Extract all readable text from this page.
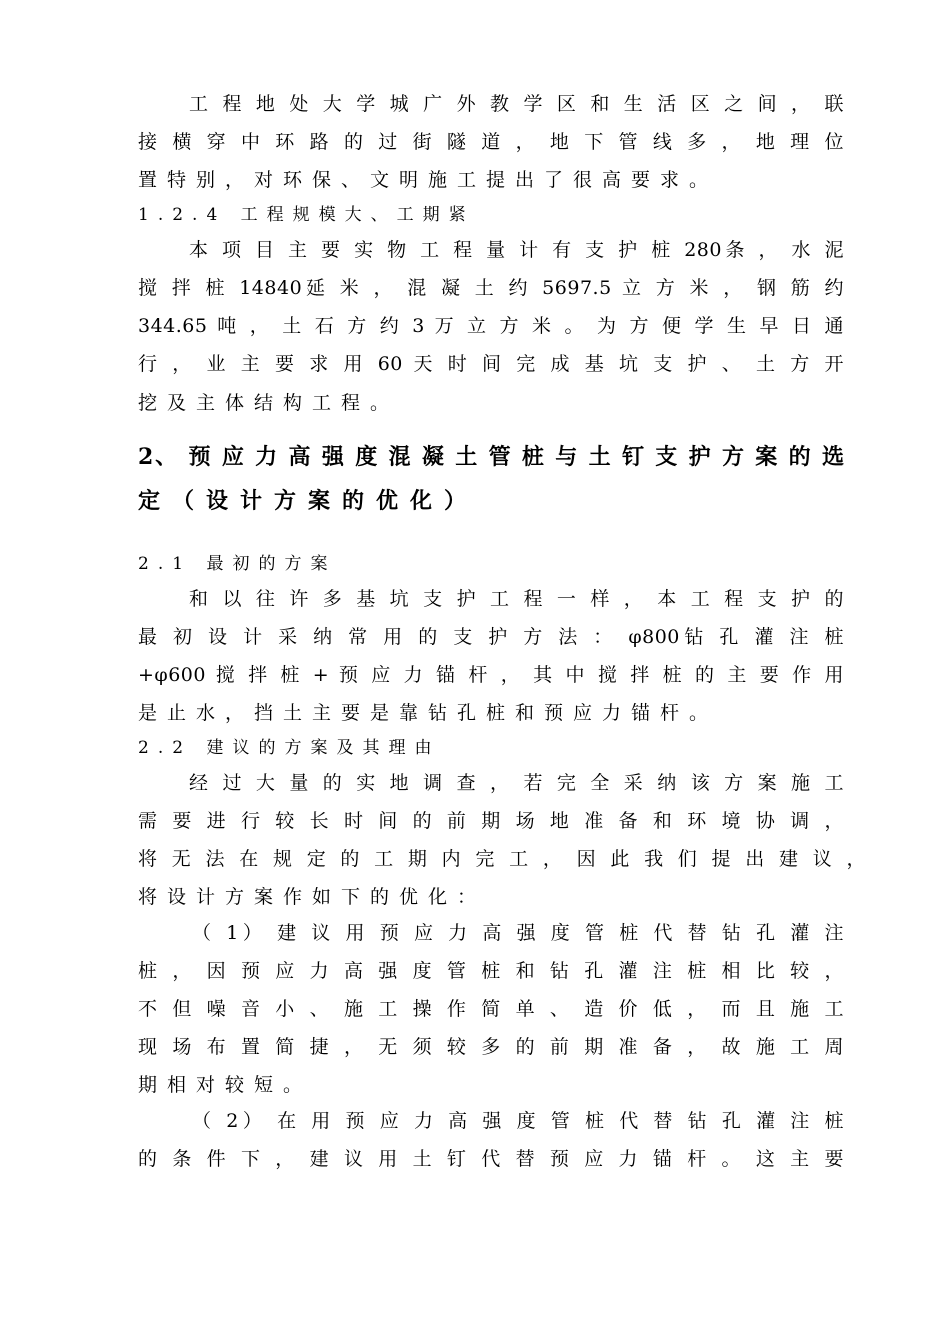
工 程 地 处 大 学 城 广 外 教 学 区 和 生 活 区 之 间 ， 联
接 横 穿 中 环 路 的 过 街 隧 道 ， 地 下 管 线 多 ， 地 理 位
置特别，对环保、文明施工提出了很高要求。
1.2.4 工程规模大、工期紧
本 项 目 主 要 实 物 工 程 量 计 有 支 护 桩 280条 ， 水 泥
搅 拌 桩 14840延 米 ， 混 凝 土 约 5697.5 立 方 米 ， 钢 筋 约
344.65 吨 ， 土 石 方 约 3 万 立 方 米 。 为 方 便 学 生 早 日 通
行 ， 业 主 要 求 用 60 天 时 间 完 成 基 坑 支 护 、 土 方 开
挖及主体结构工程。
2、 预 应 力 高 强 度 混 凝 土 管 桩 与 土 钉 支 护 方 案 的 选
定（设计方案的优化）
2.1 最初的方案
和 以 往 许 多 基 坑 支 护 工 程 一 样 ， 本 工 程 支 护 的
最 初 设 计 采 纳 常 用 的 支 护 方 法 ： φ800钻 孔 灌 注 桩
+φ600 搅 拌 桩 + 预 应 力 锚 杆 ， 其 中 搅 拌 桩 的 主 要 作 用
是止水，挡土主要是靠钻孔桩和预应力锚杆。
2.2 建议的方案及其理由
经 过 大 量 的 实 地 调 查 ， 若 完 全 采 纳 该 方 案 施 工
需 要 进 行 较 长 时 间 的 前 期 场 地 准 备 和 环 境 协 调 ，
将 无 法 在 规 定 的 工 期 内 完 工 ， 因 此 我 们 提 出 建 议 ，
将设计方案作如下的优化：
（ 1） 建 议 用 预 应 力 高 强 度 管 桩 代 替 钻 孔 灌 注
桩 ， 因 预 应 力 高 强 度 管 桩 和 钻 孔 灌 注 桩 相 比 较 ，
不 但 噪 音 小 、 施 工 操 作 简 单 、 造 价 低 ， 而 且 施 工
现 场 布 置 简 捷 ， 无 须 较 多 的 前 期 准 备 ， 故 施 工 周
期相对较短。
（ 2） 在 用 预 应 力 高 强 度 管 桩 代 替 钻 孔 灌 注 桩
的 条 件 下 ， 建 议 用 土 钉 代 替 预 应 力 锚 杆 。 这 主 要
